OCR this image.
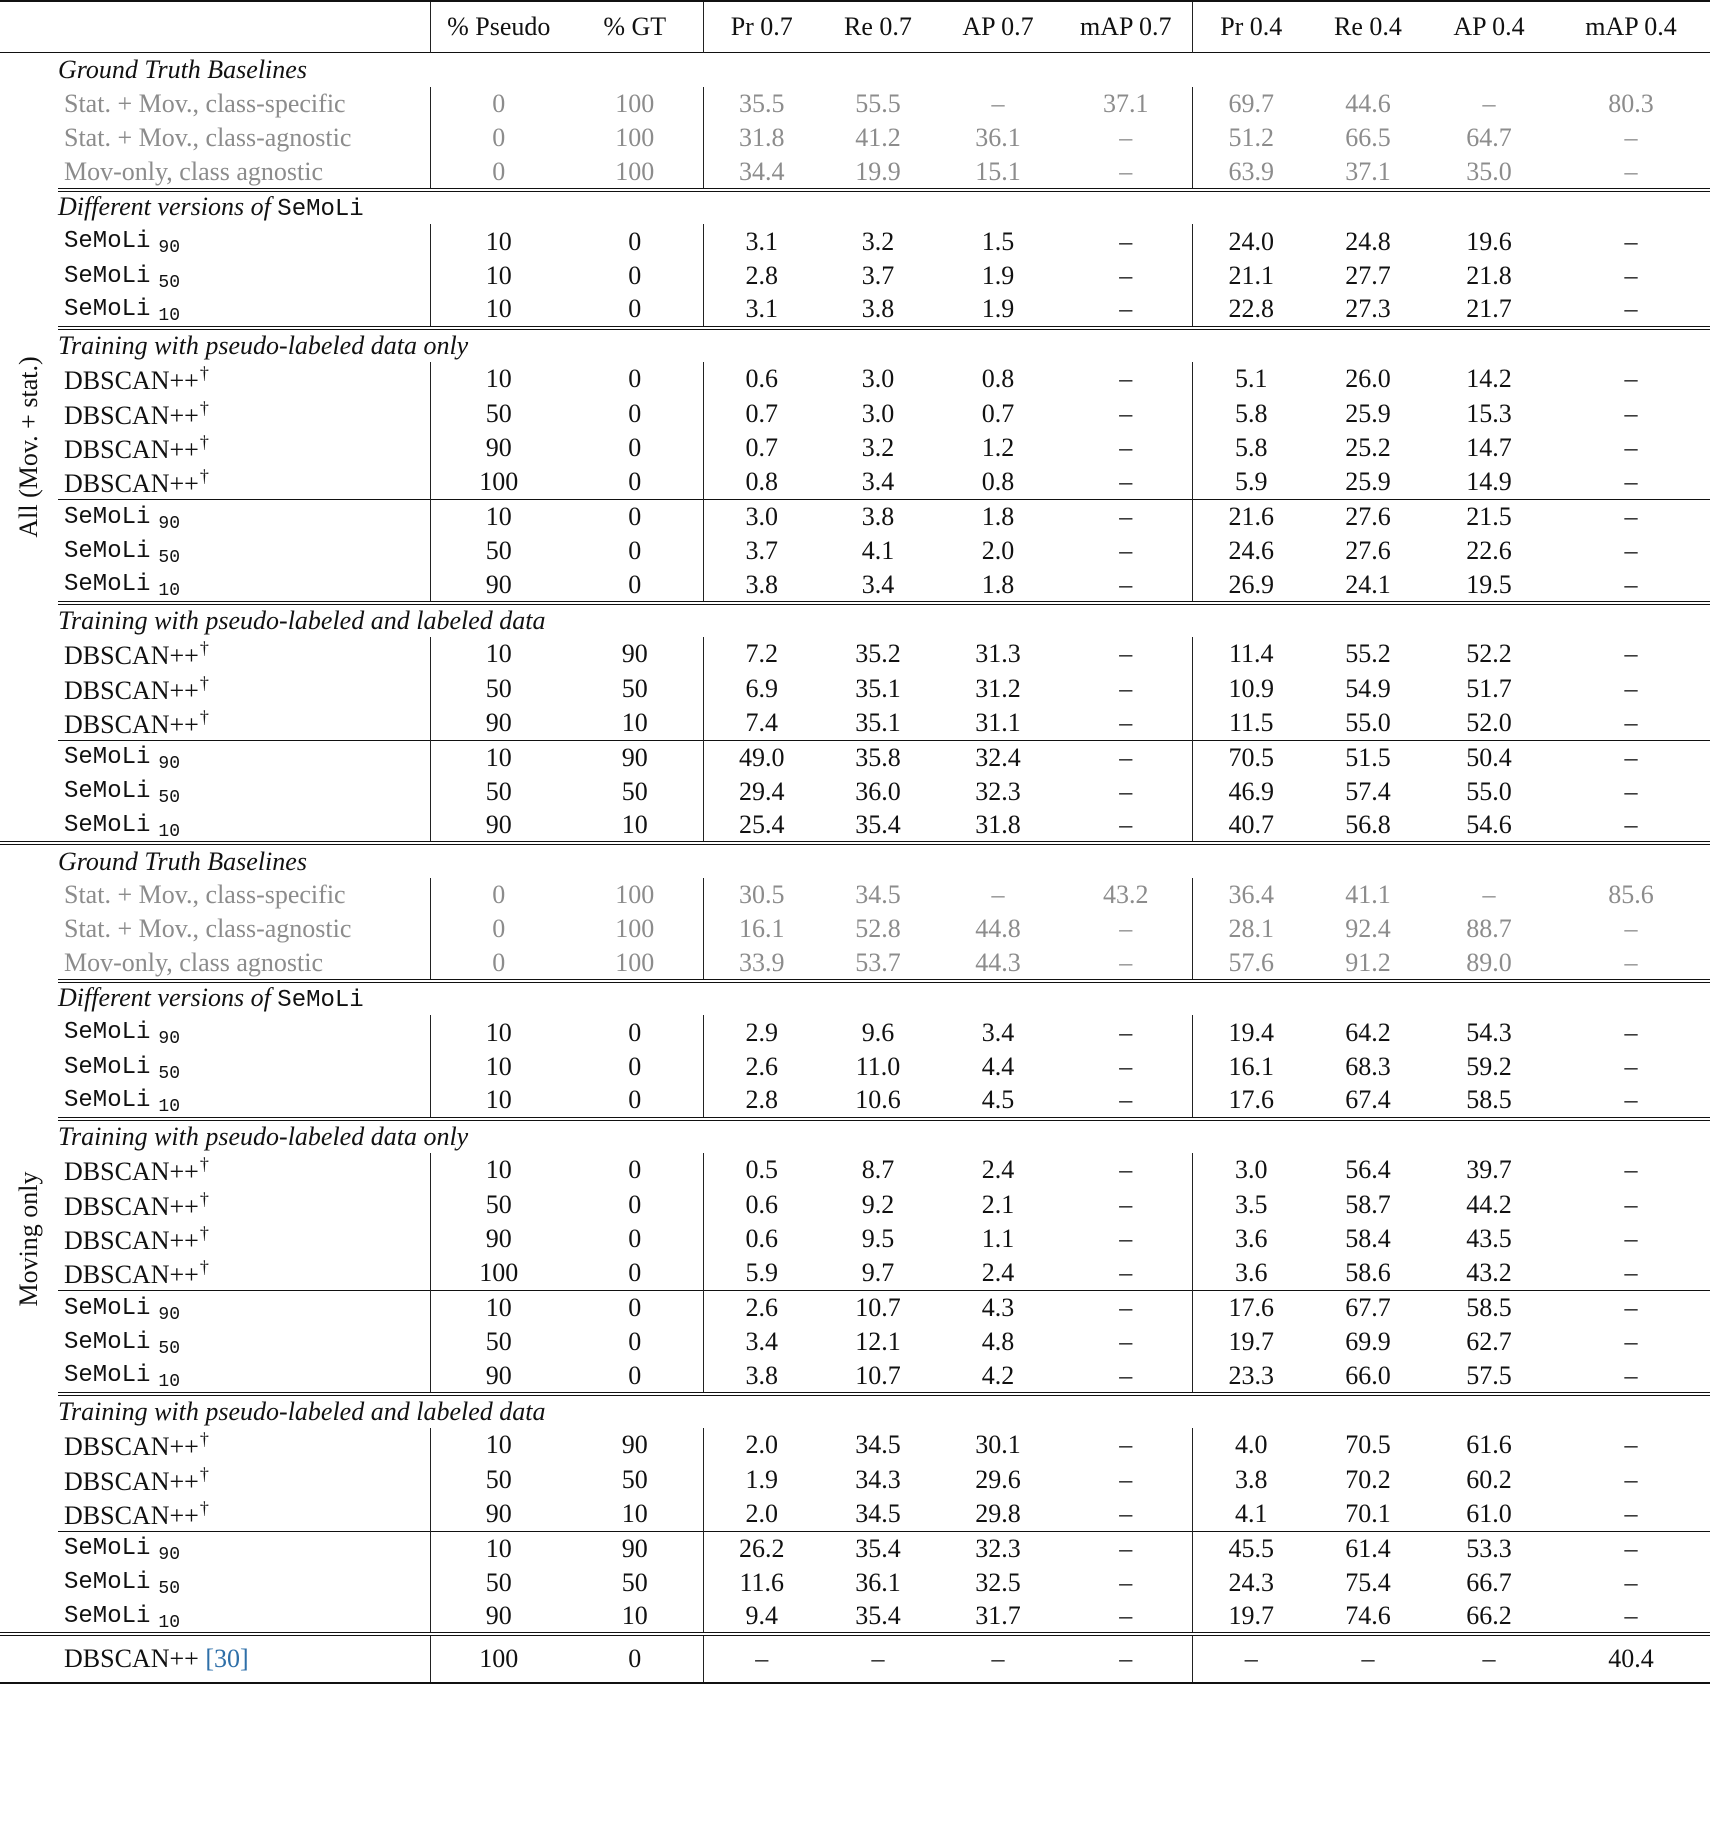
		% Pseudo	% GT	Pr 0.7	Re 0.7	AP 0.7	mAP 0.7	Pr 0.4	Re 0.4	AP 0.4	mAP 0.4

All (Mov. + stat.)	Ground Truth Baselines										
	Stat. + Mov., class-specific	0	100	35.5	55.5	–	37.1	69.7	44.6	–	80.3
	Stat. + Mov., class-agnostic	0	100	31.8	41.2	36.1	–	51.2	66.5	64.7	–
	Mov-only, class agnostic	0	100	34.4	19.9	15.1	–	63.9	37.1	35.0	–
	Different versions of SeMoLi										
	SeMoLi $_{90}$	10	0	3.1	3.2	1.5	–	24.0	24.8	19.6	–
	SeMoLi $_{50}$	10	0	2.8	3.7	1.9	–	21.1	27.7	21.8	–
	SeMoLi $_{10}$	10	0	3.1	3.8	1.9	–	22.8	27.3	21.7	–
	Training with pseudo-labeled data only										
	DBSCAN++†	10	0	0.6	3.0	0.8	–	5.1	26.0	14.2	–
	DBSCAN++†	50	0	0.7	3.0	0.7	–	5.8	25.9	15.3	–
	DBSCAN++†	90	0	0.7	3.2	1.2	–	5.8	25.2	14.7	–
	DBSCAN++†	100	0	0.8	3.4	0.8	–	5.9	25.9	14.9	–
	SeMoLi $_{90}$	10	0	3.0	3.8	1.8	–	21.6	27.6	21.5	–
	SeMoLi $_{50}$	50	0	3.7	4.1	2.0	–	24.6	27.6	22.6	–
	SeMoLi $_{10}$	90	0	3.8	3.4	1.8	–	26.9	24.1	19.5	–
	Training with pseudo-labeled and labeled data										
	DBSCAN++†	10	90	7.2	35.2	31.3	–	11.4	55.2	52.2	–
	DBSCAN++†	50	50	6.9	35.1	31.2	–	10.9	54.9	51.7	–
	DBSCAN++†	90	10	7.4	35.1	31.1	–	11.5	55.0	52.0	–
	SeMoLi $_{90}$	10	90	49.0	35.8	32.4	–	70.5	51.5	50.4	–
	SeMoLi $_{50}$	50	50	29.4	36.0	32.3	–	46.9	57.4	55.0	–
	SeMoLi $_{10}$	90	10	25.4	35.4	31.8	–	40.7	56.8	54.6	–

Moving only	Ground Truth Baselines										
	Stat. + Mov., class-specific	0	100	30.5	34.5	–	43.2	36.4	41.1	–	85.6
	Stat. + Mov., class-agnostic	0	100	16.1	52.8	44.8	–	28.1	92.4	88.7	–
	Mov-only, class agnostic	0	100	33.9	53.7	44.3	–	57.6	91.2	89.0	–
	Different versions of SeMoLi										
	SeMoLi $_{90}$	10	0	2.9	9.6	3.4	–	19.4	64.2	54.3	–
	SeMoLi $_{50}$	10	0	2.6	11.0	4.4	–	16.1	68.3	59.2	–
	SeMoLi $_{10}$	10	0	2.8	10.6	4.5	–	17.6	67.4	58.5	–
	Training with pseudo-labeled data only										
	DBSCAN++†	10	0	0.5	8.7	2.4	–	3.0	56.4	39.7	–
	DBSCAN++†	50	0	0.6	9.2	2.1	–	3.5	58.7	44.2	–
	DBSCAN++†	90	0	0.6	9.5	1.1	–	3.6	58.4	43.5	–
	DBSCAN++†	100	0	5.9	9.7	2.4	–	3.6	58.6	43.2	–
	SeMoLi $_{90}$	10	0	2.6	10.7	4.3	–	17.6	67.7	58.5	–
	SeMoLi $_{50}$	50	0	3.4	12.1	4.8	–	19.7	69.9	62.7	–
	SeMoLi $_{10}$	90	0	3.8	10.7	4.2	–	23.3	66.0	57.5	–
	Training with pseudo-labeled and labeled data										
	DBSCAN++†	10	90	2.0	34.5	30.1	–	4.0	70.5	61.6	–
	DBSCAN++†	50	50	1.9	34.3	29.6	–	3.8	70.2	60.2	–
	DBSCAN++†	90	10	2.0	34.5	29.8	–	4.1	70.1	61.0	–
	SeMoLi $_{90}$	10	90	26.2	35.4	32.3	–	45.5	61.4	53.3	–
	SeMoLi $_{50}$	50	50	11.6	36.1	32.5	–	24.3	75.4	66.7	–
	SeMoLi $_{10}$	90	10	9.4	35.4	31.7	–	19.7	74.6	66.2	–
	DBSCAN++ [30]	100	0	–	–	–	–	–	–	–	40.4
